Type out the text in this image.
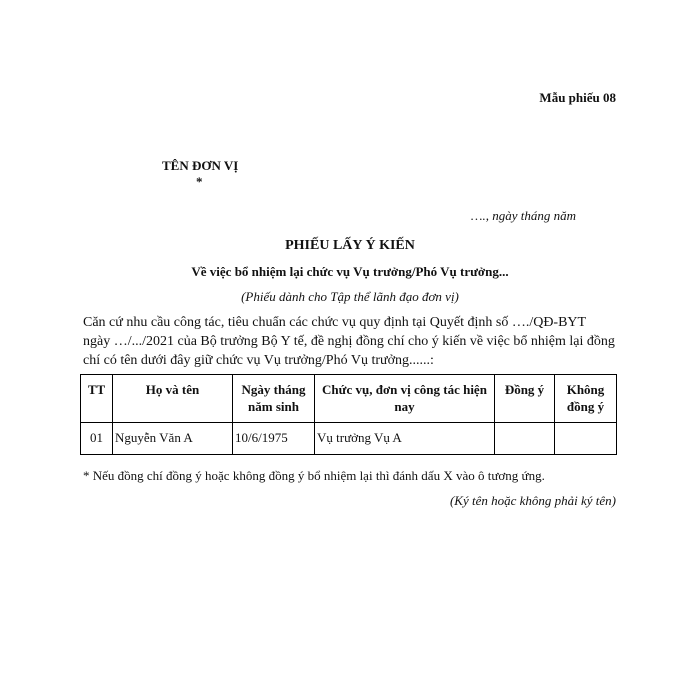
Mẫu phiếu 08
TÊN ĐƠN VỊ
*
…., ngày tháng năm
PHIẾU LẤY Ý KIẾN
Về việc bổ nhiệm lại chức vụ Vụ trưởng/Phó Vụ trưởng...
(Phiếu dành cho Tập thể lãnh đạo đơn vị)
Căn cứ nhu cầu công tác, tiêu chuẩn các chức vụ quy định tại Quyết định số …./QĐ-BYT
ngày …/.../2021 của Bộ trưởng Bộ Y tế, đề nghị đồng chí cho ý kiến về việc bổ nhiệm lại đồng
chí có tên dưới đây giữ chức vụ Vụ trưởng/Phó Vụ trưởng......:
TT	Họ và tên	Ngày tháng năm sinh	Chức vụ, đơn vị công tác hiện nay	Đồng ý	Không đồng ý
01	Nguyễn Văn A	10/6/1975	Vụ trưởng Vụ A		
* Nếu đồng chí đồng ý hoặc không đồng ý bổ nhiệm lại thì đánh dấu X vào ô tương ứng.
(Ký tên hoặc không phải ký tên)
